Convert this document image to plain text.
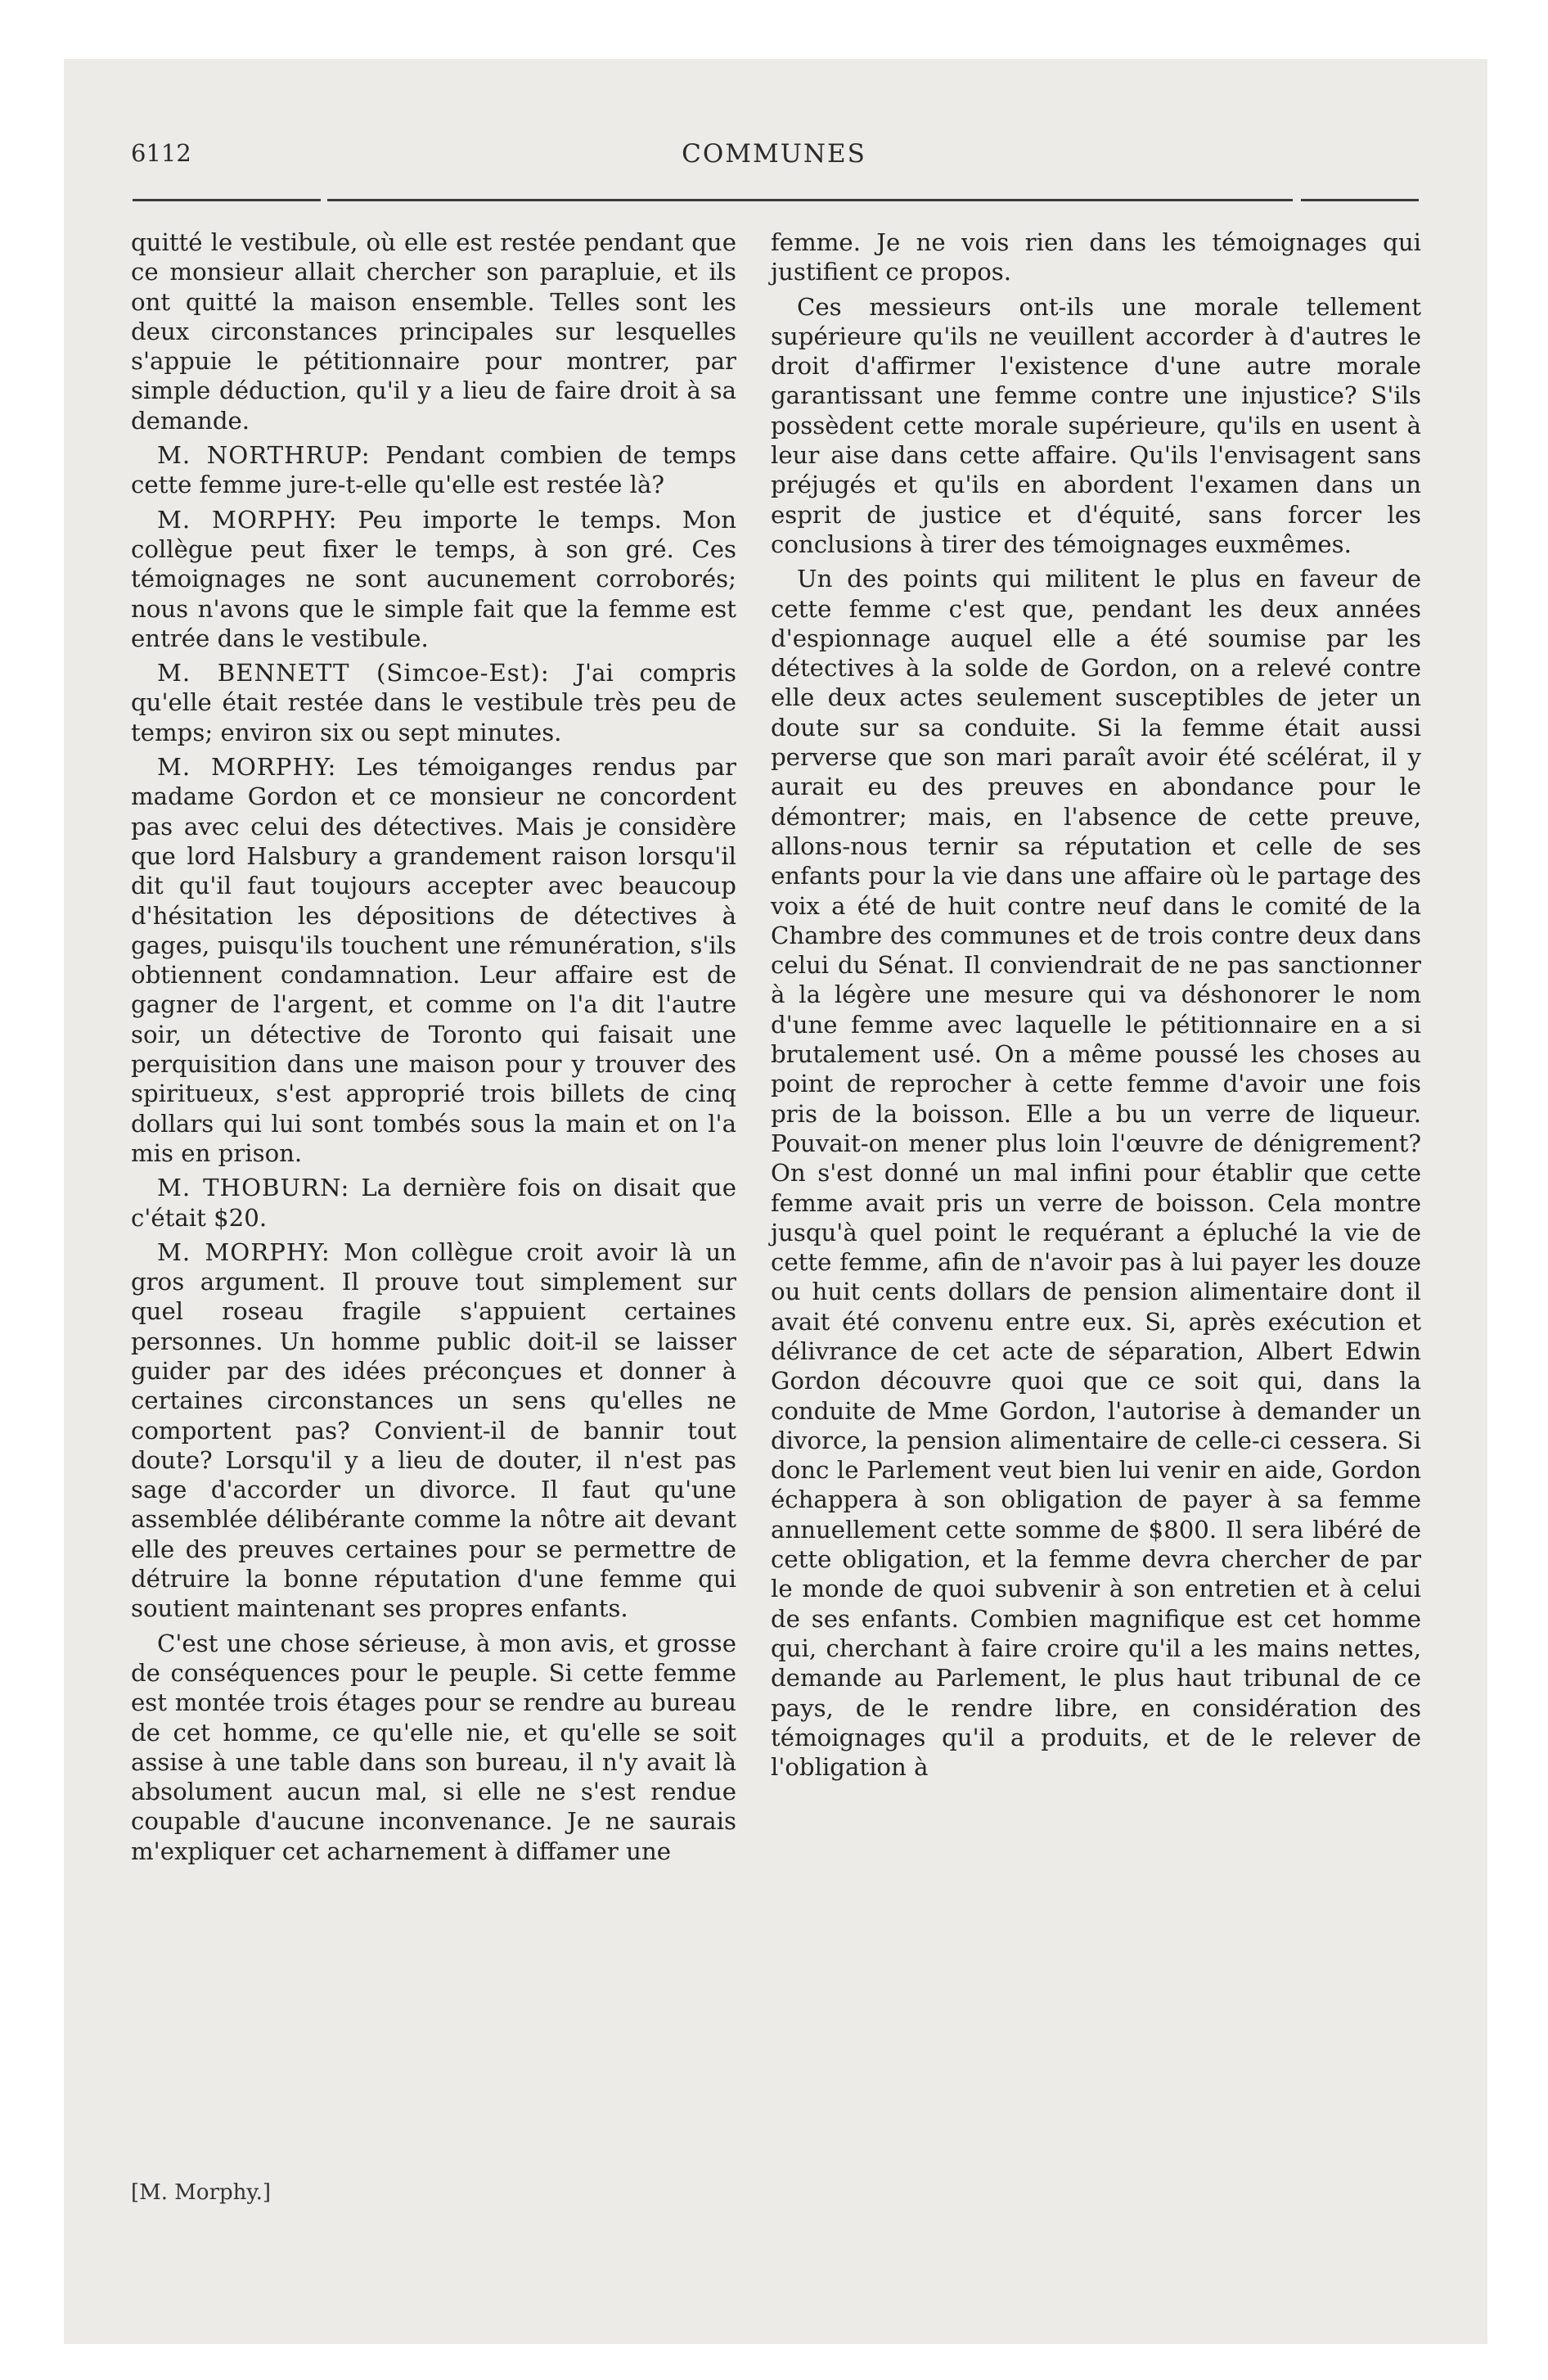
6112	COMMUNES

quitté le vestibule, où elle est restée pendant que ce monsieur allait chercher son parapluie, et ils ont quitté la maison ensemble. Telles sont les deux circonstances principales sur lesquelles s'appuie le pétitionnaire pour montrer, par simple déduction, qu'il y a lieu de faire droit à sa demande.

M. NORTHRUP: Pendant combien de temps cette femme jure-t-elle qu'elle est restée là?

M. MORPHY: Peu importe le temps. Mon collègue peut fixer le temps, à son gré. Ces témoignages ne sont aucunement corroborés; nous n'avons que le simple fait que la femme est entrée dans le vestibule.

M. BENNETT (Simcoe-Est): J'ai compris qu'elle était restée dans le vestibule très peu de temps; environ six ou sept minutes.

M. MORPHY: Les témoiganges rendus par madame Gordon et ce monsieur ne concordent pas avec celui des détectives. Mais je considère que lord Halsbury a grandement raison lorsqu'il dit qu'il faut toujours accepter avec beaucoup d'hésitation les dépositions de détectives à gages, puisqu'ils touchent une rémunération, s'ils obtiennent condamnation. Leur affaire est de gagner de l'argent, et comme on l'a dit l'autre soir, un détective de Toronto qui faisait une perquisition dans une maison pour y trouver des spiritueux, s'est approprié trois billets de cinq dollars qui lui sont tombés sous la main et on l'a mis en prison.

M. THOBURN: La dernière fois on disait que c'était $20.

M. MORPHY: Mon collègue croit avoir là un gros argument. Il prouve tout simplement sur quel roseau fragile s'appuient certaines personnes. Un homme public doit-il se laisser guider par des idées préconçues et donner à certaines circonstances un sens qu'elles ne comportent pas? Convient-il de bannir tout doute? Lorsqu'il y a lieu de douter, il n'est pas sage d'accorder un divorce. Il faut qu'une assemblée délibérante comme la nôtre ait devant elle des preuves certaines pour se permettre de détruire la bonne réputation d'une femme qui soutient maintenant ses propres enfants.

C'est une chose sérieuse, à mon avis, et grosse de conséquences pour le peuple. Si cette femme est montée trois étages pour se rendre au bureau de cet homme, ce qu'elle nie, et qu'elle se soit assise à une table dans son bureau, il n'y avait là absolument aucun mal, si elle ne s'est rendue coupable d'aucune inconvenance. Je ne saurais m'expliquer cet acharnement à diffamer une

femme. Je ne vois rien dans les témoignages qui justifient ce propos.

Ces messieurs ont-ils une morale tellement supérieure qu'ils ne veuillent accorder à d'autres le droit d'affirmer l'existence d'une autre morale garantissant une femme contre une injustice? S'ils possèdent cette morale supérieure, qu'ils en usent à leur aise dans cette affaire. Qu'ils l'envisagent sans préjugés et qu'ils en abordent l'examen dans un esprit de justice et d'équité, sans forcer les conclusions à tirer des témoignages euxmêmes.

Un des points qui militent le plus en faveur de cette femme c'est que, pendant les deux années d'espionnage auquel elle a été soumise par les détectives à la solde de Gordon, on a relevé contre elle deux actes seulement susceptibles de jeter un doute sur sa conduite. Si la femme était aussi perverse que son mari paraît avoir été scélérat, il y aurait eu des preuves en abondance pour le démontrer; mais, en l'absence de cette preuve, allons-nous ternir sa réputation et celle de ses enfants pour la vie dans une affaire où le partage des voix a été de huit contre neuf dans le comité de la Chambre des communes et de trois contre deux dans celui du Sénat. Il conviendrait de ne pas sanctionner à la légère une mesure qui va déshonorer le nom d'une femme avec laquelle le pétitionnaire en a si brutalement usé. On a même poussé les choses au point de reprocher à cette femme d'avoir une fois pris de la boisson. Elle a bu un verre de liqueur. Pouvait-on mener plus loin l'œuvre de dénigrement? On s'est donné un mal infini pour établir que cette femme avait pris un verre de boisson. Cela montre jusqu'à quel point le requérant a épluché la vie de cette femme, afin de n'avoir pas à lui payer les douze ou huit cents dollars de pension alimentaire dont il avait été convenu entre eux. Si, après exécution et délivrance de cet acte de séparation, Albert Edwin Gordon découvre quoi que ce soit qui, dans la conduite de Mme Gordon, l'autorise à demander un divorce, la pension alimentaire de celle-ci cessera. Si donc le Parlement veut bien lui venir en aide, Gordon échappera à son obligation de payer à sa femme annuellement cette somme de $800. Il sera libéré de cette obligation, et la femme devra chercher de par le monde de quoi subvenir à son entretien et à celui de ses enfants. Combien magnifique est cet homme qui, cherchant à faire croire qu'il a les mains nettes, demande au Parlement, le plus haut tribunal de ce pays, de le rendre libre, en considération des témoignages qu'il a produits, et de le relever de l'obligation à

[M. Morphy.]
